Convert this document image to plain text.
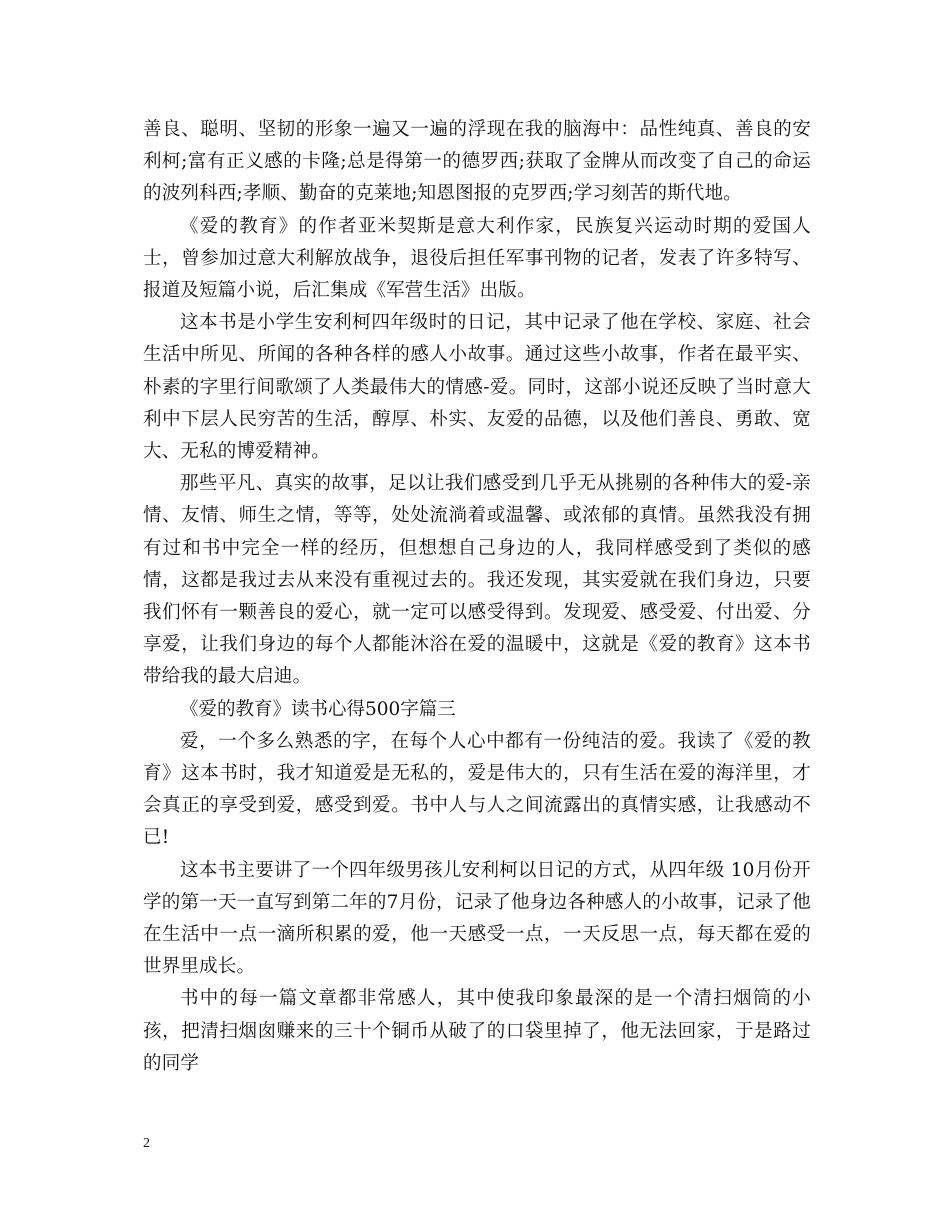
善良、聪明、坚韧的形象一遍又一遍的浮现在我的脑海中：品性纯真、善良的安利柯;富有正义感的卡隆;总是得第一的德罗西;获取了金牌从而改变了自己的命运的波列科西;孝顺、勤奋的克莱地;知恩图报的克罗西;学习刻苦的斯代地。

《爱的教育》的作者亚米契斯是意大利作家，民族复兴运动时期的爱国人士，曾参加过意大利解放战争，退役后担任军事刊物的记者，发表了许多特写、报道及短篇小说，后汇集成《军营生活》出版。

这本书是小学生安利柯四年级时的日记，其中记录了他在学校、家庭、社会生活中所见、所闻的各种各样的感人小故事。通过这些小故事，作者在最平实、朴素的字里行间歌颂了人类最伟大的情感-爱。同时，这部小说还反映了当时意大利中下层人民穷苦的生活，醇厚、朴实、友爱的品德，以及他们善良、勇敢、宽大、无私的博爱精神。

那些平凡、真实的故事，足以让我们感受到几乎无从挑剔的各种伟大的爱-亲情、友情、师生之情，等等，处处流淌着或温馨、或浓郁的真情。虽然我没有拥有过和书中完全一样的经历，但想想自己身边的人，我同样感受到了类似的感情，这都是我过去从来没有重视过去的。我还发现，其实爱就在我们身边，只要我们怀有一颗善良的爱心，就一定可以感受得到。发现爱、感受爱、付出爱、分享爱，让我们身边的每个人都能沐浴在爱的温暖中，这就是《爱的教育》这本书带给我的最大启迪。

《爱的教育》读书心得500字篇三

爱，一个多么熟悉的字，在每个人心中都有一份纯洁的爱。我读了《爱的教育》这本书时，我才知道爱是无私的，爱是伟大的，只有生活在爱的海洋里，才会真正的享受到爱，感受到爱。书中人与人之间流露出的真情实感，让我感动不已!

这本书主要讲了一个四年级男孩儿安利柯以日记的方式，从四年级 10月份开学的第一天一直写到第二年的7月份，记录了他身边各种感人的小故事，记录了他在生活中一点一滴所积累的爱，他一天感受一点，一天反思一点，每天都在爱的世界里成长。

书中的每一篇文章都非常感人，其中使我印象最深的是一个清扫烟筒的小孩，把清扫烟囱赚来的三十个铜币从破了的口袋里掉了，他无法回家，于是路过的同学

2
